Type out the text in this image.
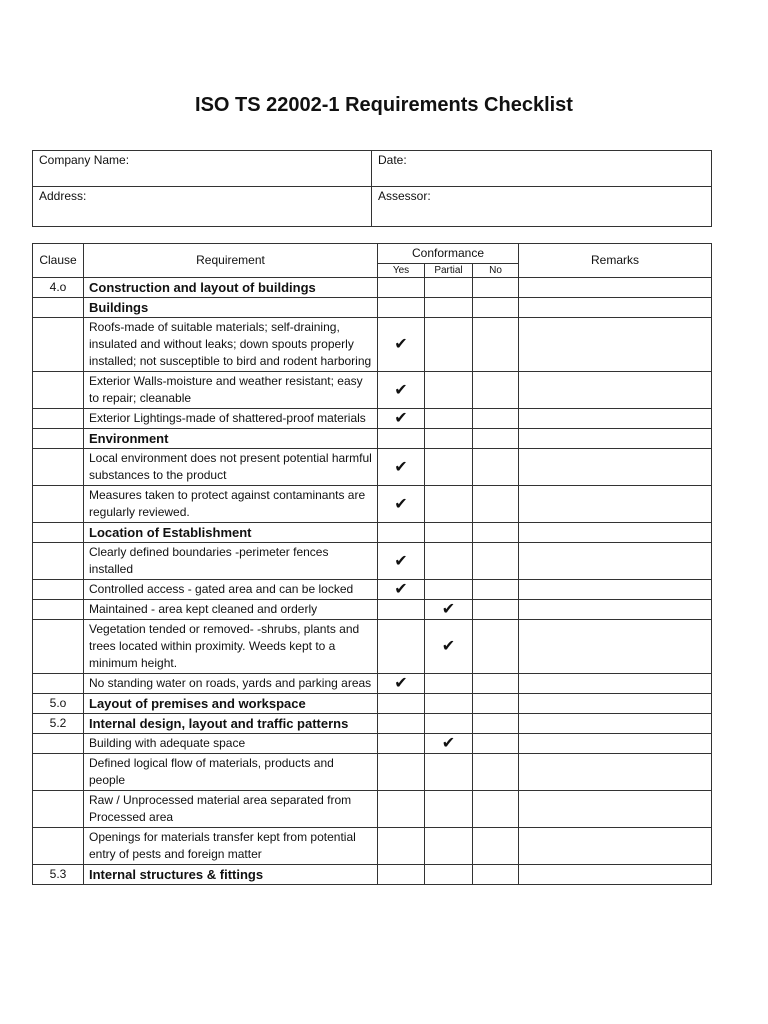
ISO TS 22002-1 Requirements Checklist
Company Name:	Date:
Address:	Assessor:
Clause	Requirement	Conformance			Remarks
		Yes	Partial	No	
4.o	Construction and layout of buildings				
	Buildings				
	Roofs-made of suitable materials; self-draining, insulated and without leaks; down spouts properly installed; not susceptible to bird and rodent harboring	✔			
	Exterior Walls-moisture and weather resistant; easy to repair; cleanable	✔			
	Exterior Lightings-made of shattered-proof materials	✔			
	Environment				
	Local environment does not present potential harmful substances to the product	✔			
	Measures taken to protect against contaminants are regularly reviewed.	✔			
	Location of Establishment				
	Clearly defined boundaries -perimeter fences installed	✔			
	Controlled access - gated area and can be locked	✔			
	Maintained - area kept cleaned and orderly		✔		
	Vegetation tended or removed- -shrubs, plants and trees located within proximity. Weeds kept to a minimum height.		✔		
	No standing water on roads, yards and parking areas	✔			
5.o	Layout of premises and workspace				
5.2	Internal design, layout and traffic patterns				
	Building with adequate space		✔		
	Defined logical flow of materials, products and people				
	Raw / Unprocessed material area separated from Processed area				
	Openings for materials transfer kept from potential entry of pests and foreign matter				
5.3	Internal structures & fittings				
